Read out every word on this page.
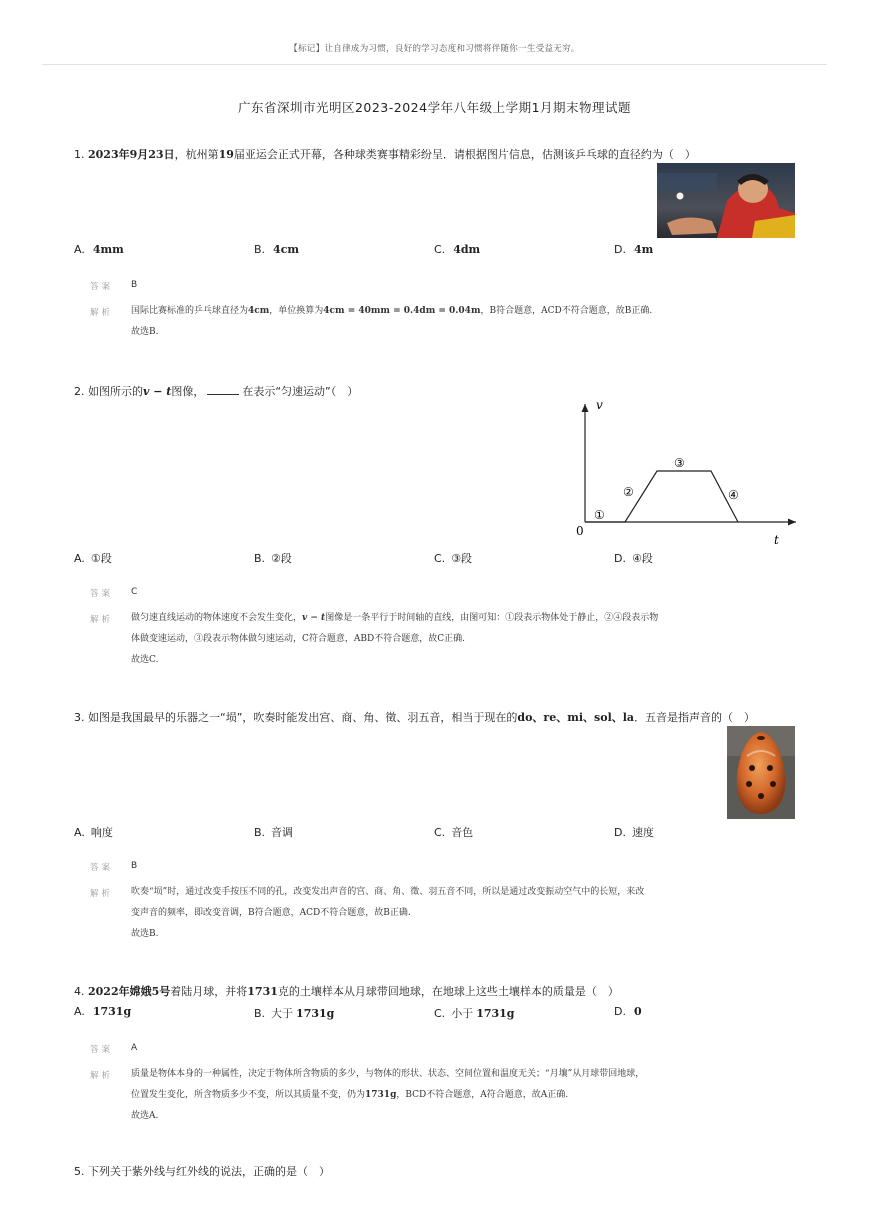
【标记】让自律成为习惯，良好的学习态度和习惯将伴随你一生受益无穷。
广东省深圳市光明区2023-2024学年八年级上学期1月期末物理试题
1. 2023年9月23日，杭州第19届亚运会正式开幕，各种球类赛事精彩纷呈．请根据图片信息，估测该乒乓球的直径约为（　）
A. 4mm	B. 4cm	C. 4dm	D. 4m
答案 B
解析 国际比赛标准的乒乓球直径为4cm，单位换算为4cm = 40mm = 0.4dm = 0.04m，B符合题意，ACD不符合题意，故B正确.
故选B.
2. 如图所示的v − t图像，	在表示“匀速运动”（　）
v
t
0
①
②
③
④
A. ①段	B. ②段	C. ③段	D. ④段
答案 C
解析 做匀速直线运动的物体速度不会发生变化，v − t图像是一条平行于时间轴的直线，由图可知：①段表示物体处于静止，②④段表示物
体做变速运动，③段表示物体做匀速运动，C符合题意，ABD不符合题意，故C正确.
故选C.
3. 如图是我国最早的乐器之一“埙”，吹奏时能发出宫、商、角、徵、羽五音，相当于现在的do、re、mi、sol、la．五音是指声音的（　）
A. 响度	B. 音调	C. 音色	D. 速度
答案 B
解析 吹奏“埙”时，通过改变手按压不同的孔，改变发出声音的宫、商、角、徵、羽五音不同，所以是通过改变振动空气中的长短，来改
变声音的频率，即改变音调，B符合题意，ACD不符合题意，故B正确.
故选B.
4. 2022年嫦娥5号着陆月球，并将1731克的土壤样本从月球带回地球，在地球上这些土壤样本的质量是（　）
A. 1731g	B. 大于 1731g	C. 小于 1731g	D. 0
答案 A
解析 质量是物体本身的一种属性，决定于物体所含物质的多少，与物体的形状、状态、空间位置和温度无关；“月壤”从月球带回地球，
位置发生变化，所含物质多少不变，所以其质量不变，仍为1731g，BCD不符合题意，A符合题意，故A正确.
故选A.
5. 下列关于紫外线与红外线的说法，正确的是（　）
